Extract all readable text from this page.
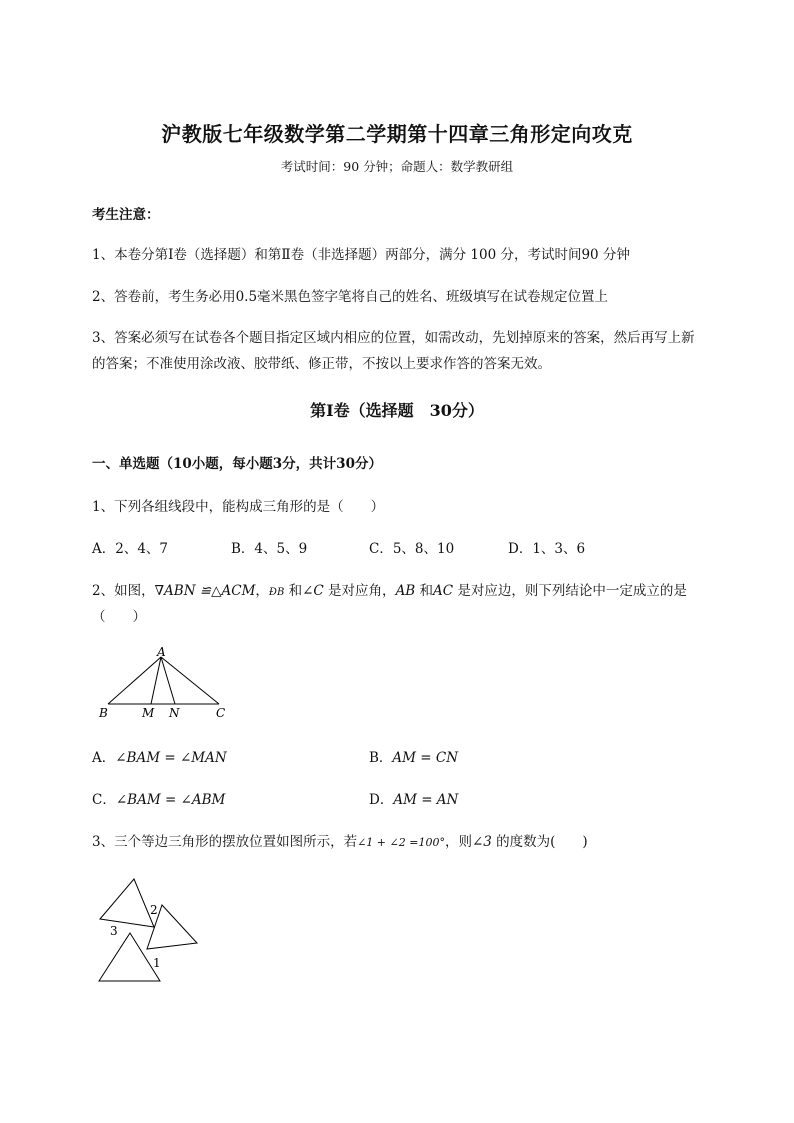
沪教版七年级数学第二学期第十四章三角形定向攻克
考试时间：90 分钟；命题人：数学教研组
考生注意：
1、本卷分第Ⅰ卷（选择题）和第Ⅱ卷（非选择题）两部分，满分 100 分，考试时间90 分钟
2、答卷前，考生务必用0.5毫米黑色签字笔将自己的姓名、班级填写在试卷规定位置上
3、答案必须写在试卷各个题目指定区域内相应的位置，如需改动，先划掉原来的答案，然后再写上新
的答案；不准使用涂改液、胶带纸、修正带，不按以上要求作答的答案无效。
第Ⅰ卷（选择题　30分）
一、单选题（10小题，每小题3分，共计30分）
1、下列各组线段中，能构成三角形的是（　　）
A．2、4、7	B．4、5、9	C．5、8、10	D．1、3、6
2、如图，∇ABN ≌△ACM，ÐB 和∠C 是对应角，AB 和AC 是对应边，则下列结论中一定成立的是
（　　）
A
B	M N	C
A．∠BAM = ∠MAN	B．AM = CN
C．∠BAM = ∠ABM	D．AM = AN
3、三个等边三角形的摆放位置如图所示，若∠1 + ∠2 =100°，则∠3 的度数为(　　)
2
3
1
